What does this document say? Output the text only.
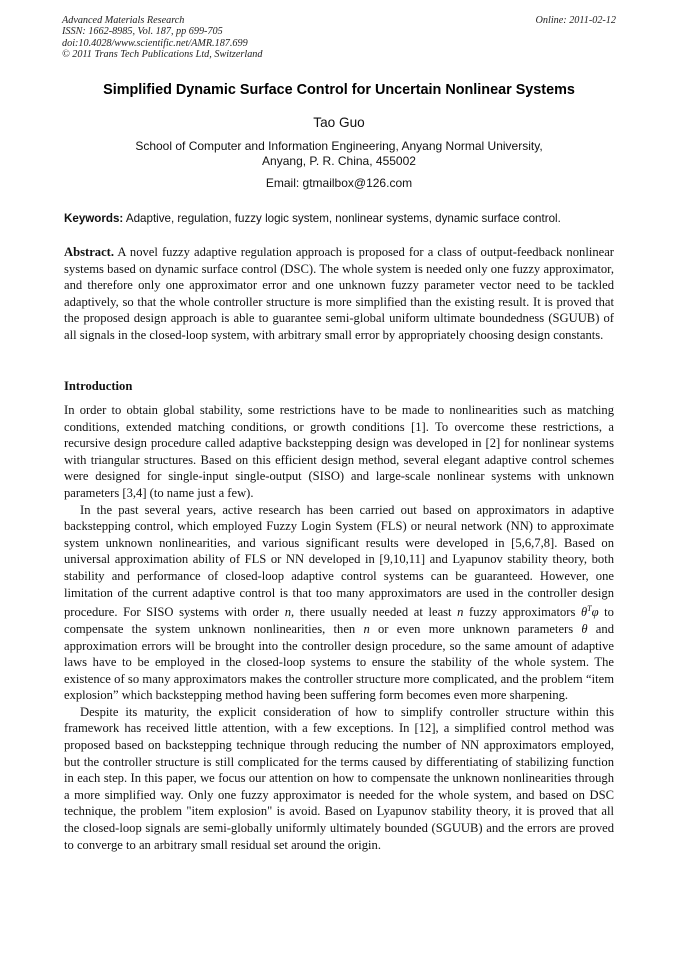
Advanced Materials Research
ISSN: 1662-8985, Vol. 187, pp 699-705
doi:10.4028/www.scientific.net/AMR.187.699
© 2011 Trans Tech Publications Ltd, Switzerland
Online: 2011-02-12
Simplified Dynamic Surface Control for Uncertain Nonlinear Systems
Tao Guo
School of Computer and Information Engineering, Anyang Normal University,
Anyang, P. R. China, 455002
Email: gtmailbox@126.com
Keywords: Adaptive, regulation, fuzzy logic system, nonlinear systems, dynamic surface control.

Abstract. A novel fuzzy adaptive regulation approach is proposed for a class of output-feedback nonlinear systems based on dynamic surface control (DSC). The whole system is needed only one fuzzy approximator, and therefore only one approximator error and one unknown fuzzy parameter vector need to be tackled adaptively, so that the whole controller structure is more simplified than the existing result. It is proved that the proposed design approach is able to guarantee semi-global uniform ultimate boundedness (SGUUB) of all signals in the closed-loop system, with arbitrary small error by appropriately choosing design constants.

Introduction

In order to obtain global stability, some restrictions have to be made to nonlinearities such as matching conditions, extended matching conditions, or growth conditions [1]. To overcome these restrictions, a recursive design procedure called adaptive backstepping design was developed in [2] for nonlinear systems with triangular structures. Based on this efficient design method, several elegant adaptive control schemes were designed for single-input single-output (SISO) and large-scale nonlinear systems with unknown parameters [3,4] (to name just a few).

In the past several years, active research has been carried out based on approximators in adaptive backstepping control, which employed Fuzzy Login System (FLS) or neural network (NN) to approximate system unknown nonlinearities, and various significant results were developed in [5,6,7,8]. Based on universal approximation ability of FLS or NN developed in [9,10,11] and Lyapunov stability theory, both stability and performance of closed-loop adaptive control systems can be guaranteed. However, one limitation of the current adaptive control is that too many approximators are used in the controller design procedure. For SISO systems with order n, there usually needed at least n fuzzy approximators $\theta^T\varphi$ to compensate the system unknown nonlinearities, then n or even more unknown parameters θ and approximation errors will be brought into the controller design procedure, so the same amount of adaptive laws have to be employed in the closed-loop systems to ensure the stability of the whole system. The existence of so many approximators makes the controller structure more complicated, and the problem “item explosion” which backstepping method having been suffering form becomes even more sharpening.

Despite its maturity, the explicit consideration of how to simplify controller structure within this framework has received little attention, with a few exceptions. In [12], a simplified control method was proposed based on backstepping technique through reducing the number of NN approximators employed, but the controller structure is still complicated for the terms caused by differentiating of stabilizing function in each step. In this paper, we focus our attention on how to compensate the unknown nonlinearities through a more simplified way. Only one fuzzy approximator is needed for the whole system, and based on DSC technique, the problem "item explosion" is avoid. Based on Lyapunov stability theory, it is proved that all the closed-loop signals are semi-globally uniformly ultimately bounded (SGUUB) and the errors are proved to converge to an arbitrary small residual set around the origin.
